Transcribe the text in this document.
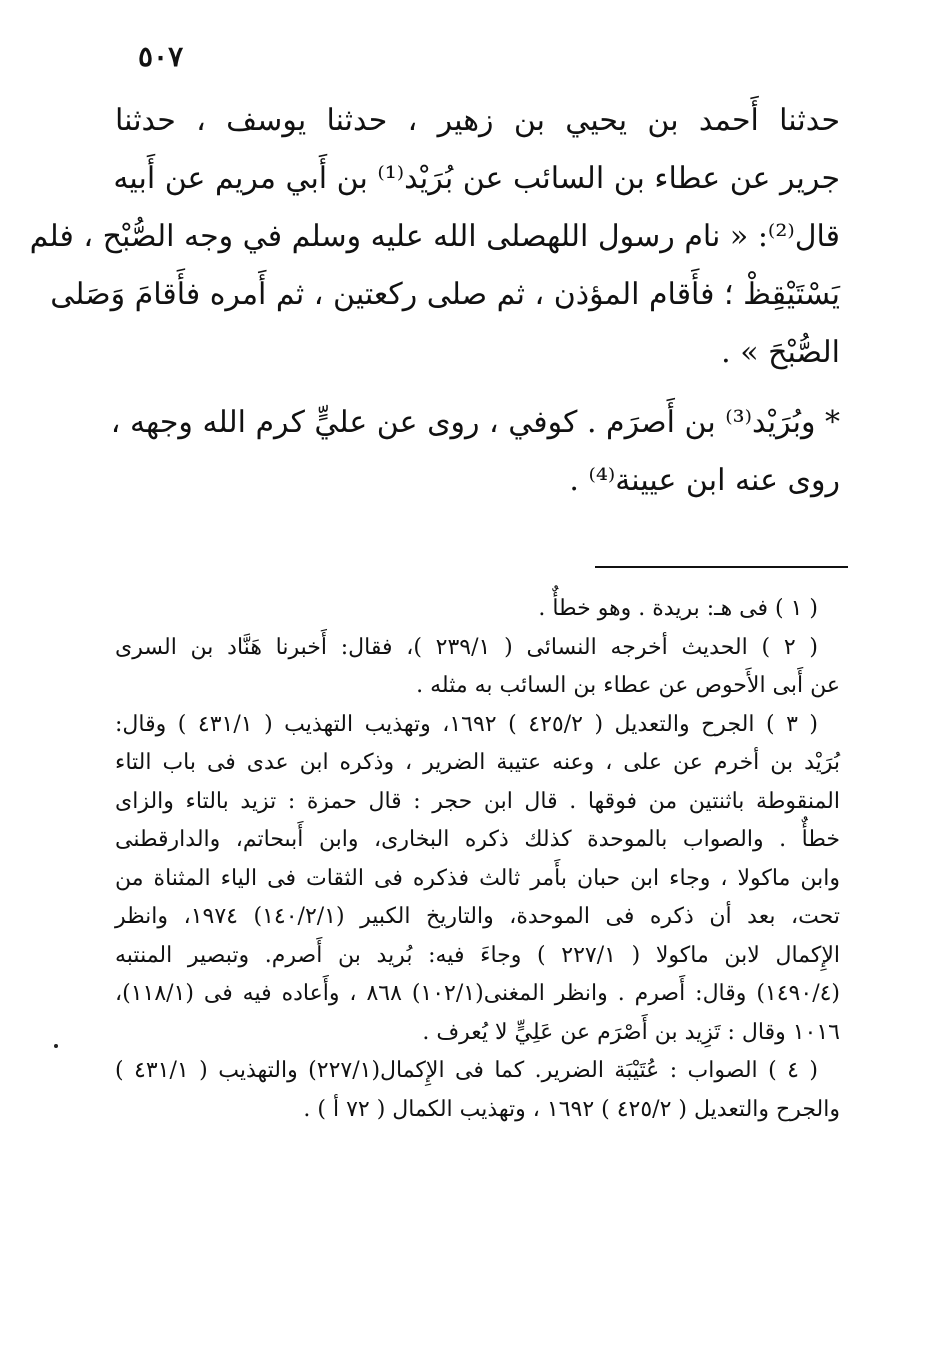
٥٠٧
حدثنا أَحمد بن يحيي بن زهير ، حدثنا يوسف ، حدثنا
جرير عن عطاء بن السائب عن بُرَيْد⁽¹⁾ بن أَبي مريم عن أَبيه
قال⁽²⁾: « نام رسول اللهصلى الله عليه وسلم في وجه الصُّبْح ، فلم
يَسْتَيْقِظْ ؛ فأَقام المؤذن ، ثم صلى ركعتين ، ثم أَمره فأَقامَ وَصَلى
الصُّبْحَ » .
* وبُرَيْد⁽³⁾ بن أَصرَم . كوفي ، روى عن عليٍّ كرم الله وجهه ،
روى عنه ابن عيينة⁽⁴⁾ .
( ١ ) فى هـ: بريدة . وهو خطأٌ .
( ٢ ) الحديث أخرجه النسائى ( ٢٣٩/١ )، فقال: أَخبرنا هَنَّاد بن السرى
عن أَبى الأَحوص عن عطاء بن السائب به مثله .
( ٣ ) الجرح والتعديل ( ٤٢٥/٢ ) ١٦٩٢، وتهذيب التهذيب ( ٤٣١/١ ) وقال:
بُرَيْد بن أخرم عن على ، وعنه عتيبة الضرير ، وذكره ابن عدى فى باب التاء
المنقوطة باثنتين من فوقها . قال ابن حجر : قال حمزة : تزيد بالتاء والزاى
خطأٌ . والصواب بالموحدة كذلك ذكره البخارى، وابن أَبىحاتم، والدارقطنى
وابن ماكولا ، وجاء ابن حبان بأَمر ثالث فذكره فى الثقات فى الياء المثناة من
تحت، بعد أن ذكره فى الموحدة، والتاريخ الكبير (١٤٠/٢/١) ١٩٧٤، وانظر
الإِكمال لابن ماكولا ( ٢٢٧/١ ) وجاءَ فيه: بُريد بن أَصرم. وتبصير المنتبه
(١٤٩٠/٤) وقال: أَصرم . وانظر المغنى(١٠٢/١) ٨٦٨ ، وأَعاده فيه فى (١١٨/١)،
١٠١٦ وقال : تَزِيد بن أَصْرَم عن عَلِيٍّ لا يُعرف .
( ٤ ) الصواب : عُتَيْبَة الضرير. كما فى الإِكمال(٢٢٧/١) والتهذيب ( ٤٣١/١ )
والجرح والتعديل ( ٤٢٥/٢ ) ١٦٩٢ ، وتهذيب الكمال ( ٧٢ أ ) .
